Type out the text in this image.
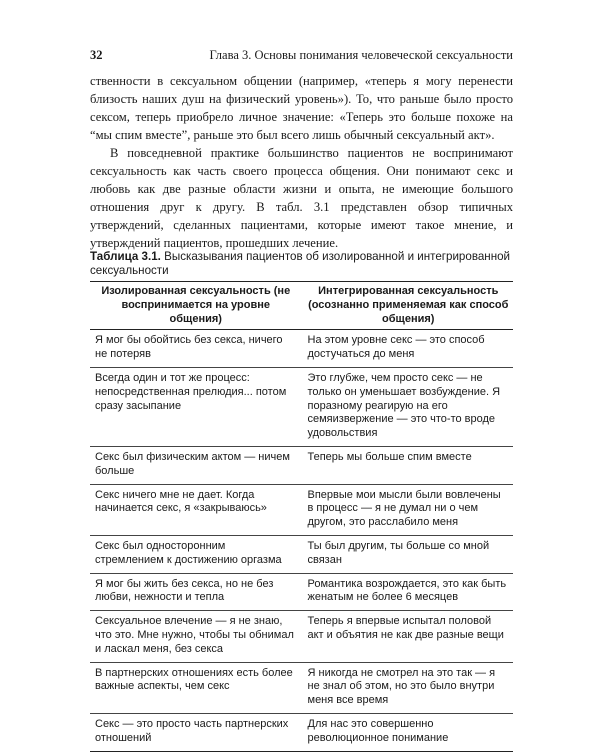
32	Глава 3. Основы понимания человеческой сексуальности

ственности в сексуальном общении (например, «теперь я могу перенести близость наших душ на физический уровень»). То, что раньше было просто сексом, теперь приобрело личное значение: «Теперь это больше похоже на “мы спим вместе”, раньше это был всего лишь обычный сексуальный акт».

В повседневной практике большинство пациентов не воспринимают сексуальность как часть своего процесса общения. Они понимают секс и любовь как две разные области жизни и опыта, не имеющие большого отношения друг к другу. В табл. 3.1 представлен обзор типичных утверждений, сделанных пациентами, которые имеют такое мнение, и утверждений пациентов, прошедших лечение.

Таблица 3.1. Высказывания пациентов об изолированной и интегрированной сексуальности
Изолированная сексуальность (не воспринимается на уровне общения)	Интегрированная сексуальность (осознанно применяемая как способ общения)
Я мог бы обойтись без секса, ничего не потеряв	На этом уровне секс — это способ достучаться до меня
Всегда один и тот же процесс: непосредственная прелюдия... потом сразу засыпание	Это глубже, чем просто секс — не только он уменьшает возбуждение. Я поразному реагирую на его семяизвержение — это что-то вроде удовольствия
Секс был физическим актом — ничем больше	Теперь мы больше спим вместе
Секс ничего мне не дает. Когда начинается секс, я «закрываюсь»	Впервые мои мысли были вовлечены в процесс — я не думал ни о чем другом, это расслабило меня
Секс был односторонним стремлением к достижению оргазма	Ты был другим, ты больше со мной связан
Я мог бы жить без секса, но не без любви, нежности и тепла	Романтика возрождается, это как быть женатым не более 6 месяцев
Сексуальное влечение — я не знаю, что это. Мне нужно, чтобы ты обнимал и ласкал меня, без секса	Теперь я впервые испытал половой акт и объятия не как две разные вещи
В партнерских отношениях есть более важные аспекты, чем секс	Я никогда не смотрел на это так — я не знал об этом, но это было внутри меня все время
Секс — это просто часть партнерских отношений	Для нас это совершенно революционное понимание
